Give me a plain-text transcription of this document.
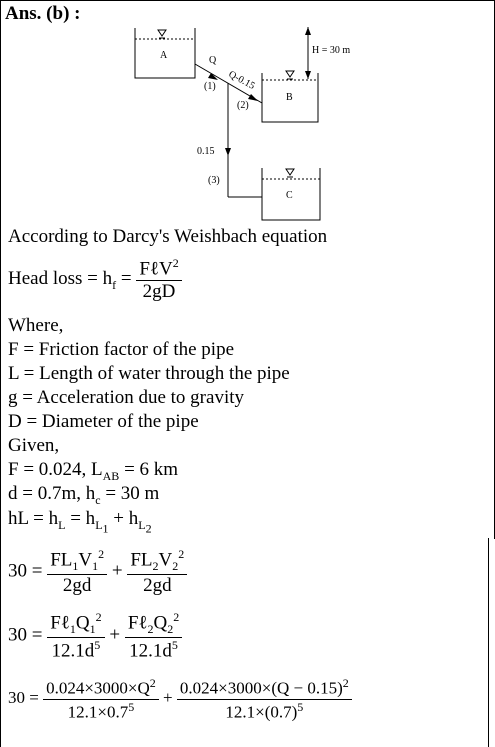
Ans. (b) :
A
B
C
Q
Q-0.15
(1)
(2)
(3)
0.15
H = 30 m
According to Darcy's Weishbach equation
Head loss = $h_f = \frac{F\ell V^2}{2gD}$
Where,
F = Friction factor of the pipe
L = Length of water through the pipe
g = Acceleration due to gravity
D = Diameter of the pipe
Given,
F = 0.024, $L_{AB} = 6$ km
d = 0.7m, $h_c = 30$ m
hL = $h_L = h_{L_1} + h_{L_2}$
$30 = \frac{FL_1V_1^2}{2gd} + \frac{FL_2V_2^2}{2gd}$
$30 = \frac{F\ell_1Q_1^2}{12.1d^5} + \frac{F\ell_2Q_2^2}{12.1d^5}$
$30 = \frac{0.024\times 3000\times Q^2}{12.1\times 0.7^5} + \frac{0.024\times 3000\times(Q - 0.15)^2}{12.1\times(0.7)^5}$
